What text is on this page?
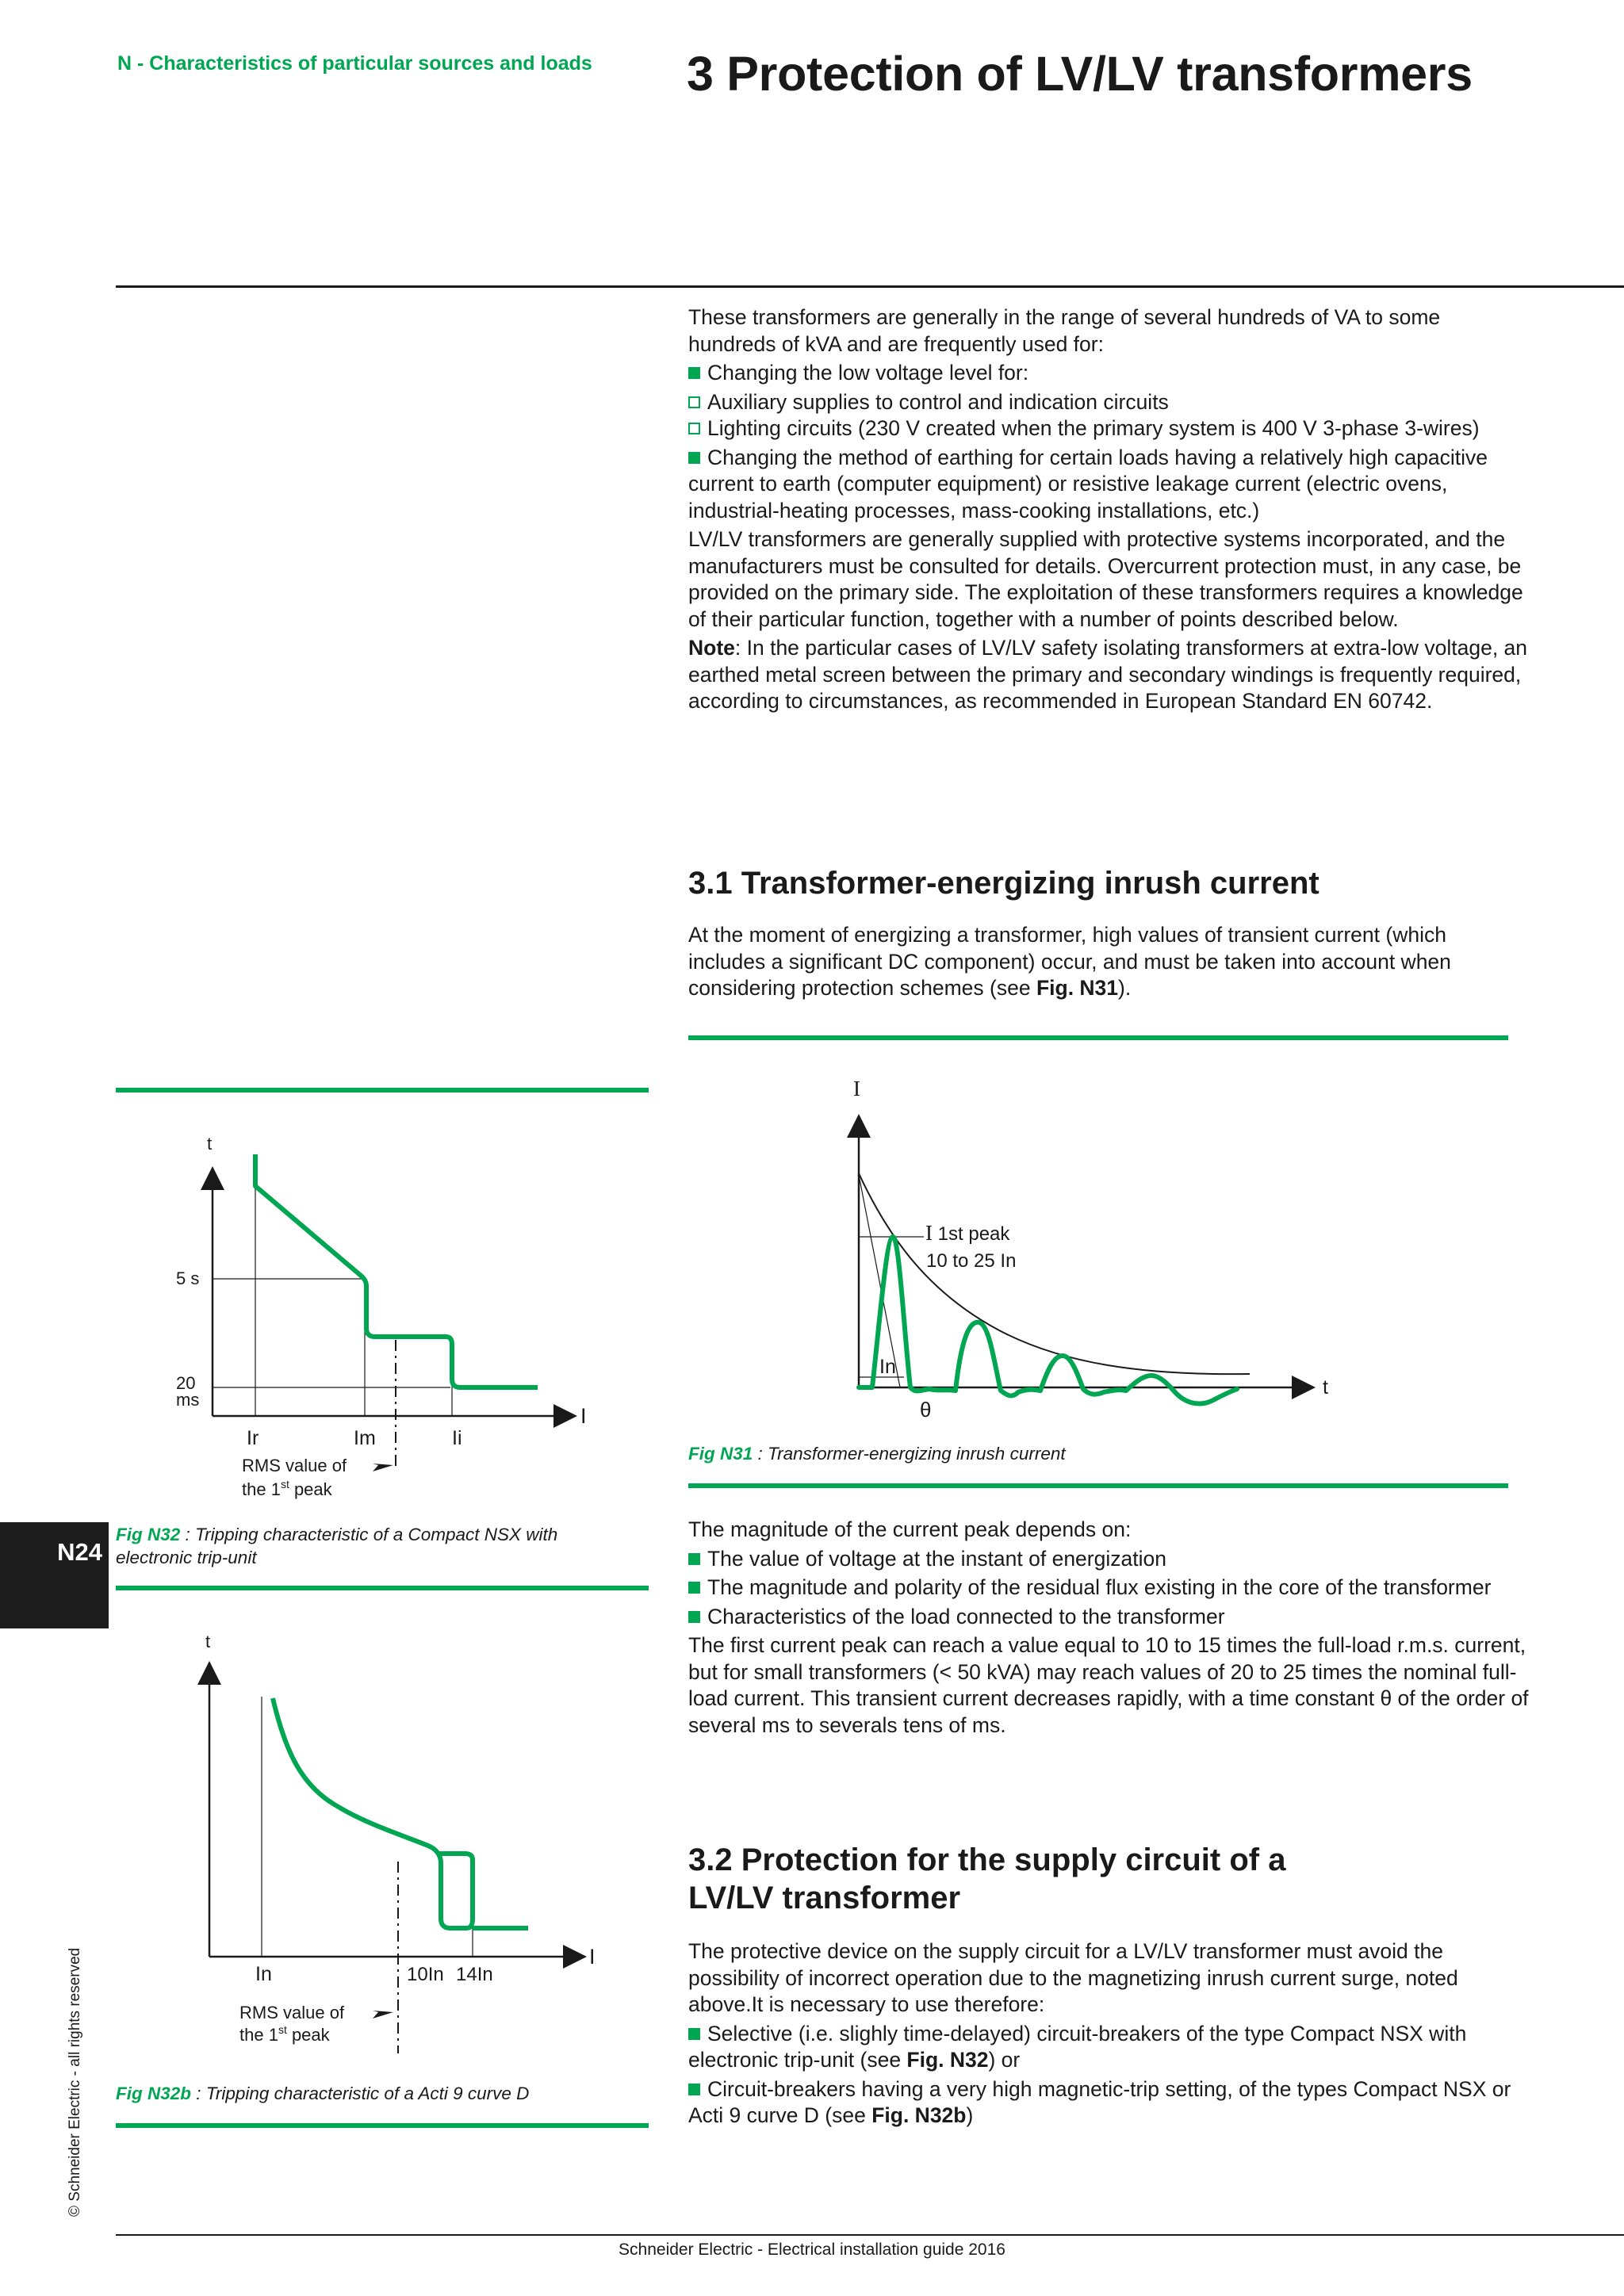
N - Characteristics of particular sources and loads 3 Protection of LV/LV transformers

These transformers are generally in the range of several hundreds of VA to some hundreds of kVA and are frequently used for:

Changing the low voltage level for:

Auxiliary supplies to control and indication circuits

Lighting circuits (230 V created when the primary system is 400 V 3-phase 3-wires)

Changing the method of earthing for certain loads having a relatively high capacitive current to earth (computer equipment) or resistive leakage current (electric ovens, industrial-heating processes, mass-cooking installations, etc.)

LV/LV transformers are generally supplied with protective systems incorporated, and the manufacturers must be consulted for details. Overcurrent protection must, in any case, be provided on the primary side. The exploitation of these transformers requires a knowledge of their particular function, together with a number of points described below.

Note: In the particular cases of LV/LV safety isolating transformers at extra-low voltage, an earthed metal screen between the primary and secondary windings is frequently required, according to circumstances, as recommended in European Standard EN 60742.

3.1 Transformer-energizing inrush current

At the moment of energizing a transformer, high values of transient current (which includes a significant DC component) occur, and must be taken into account when considering protection schemes (see Fig. N31).

I
t
I 1st peak
10 to 25 In
In
θ
Fig N31 : Transformer-energizing inrush current

The magnitude of the current peak depends on:

The value of voltage at the instant of energization

The magnitude and polarity of the residual flux existing in the core of the transformer

Characteristics of the load connected to the transformer

The first current peak can reach a value equal to 10 to 15 times the full-load r.m.s. current, but for small transformers (< 50 kVA) may reach values of 20 to 25 times the nominal full-load current. This transient current decreases rapidly, with a time constant θ of the order of several ms to severals tens of ms.

3.2 Protection for the supply circuit of a
LV/LV transformer

The protective device on the supply circuit for a LV/LV transformer must avoid the possibility of incorrect operation due to the magnetizing inrush current surge, noted above.It is necessary to use therefore:

Selective (i.e. slighly time-delayed) circuit-breakers of the type Compact NSX with electronic trip-unit (see Fig. N32) or

Circuit-breakers having a very high magnetic-trip setting, of the types Compact NSX or Acti 9 curve D (see Fig. N32b)

t
I
5 s
20
ms
Ir	Im	Ii
RMS value of
the 1st peak
Fig N32 : Tripping characteristic of a Compact NSX with electronic trip-unit
t
I
In	10In 14In
RMS value of
the 1st peak
Fig N32b : Tripping characteristic of a Acti 9 curve D
N24
© Schneider Electric - all rights reserved
Schneider Electric - Electrical installation guide 2016
